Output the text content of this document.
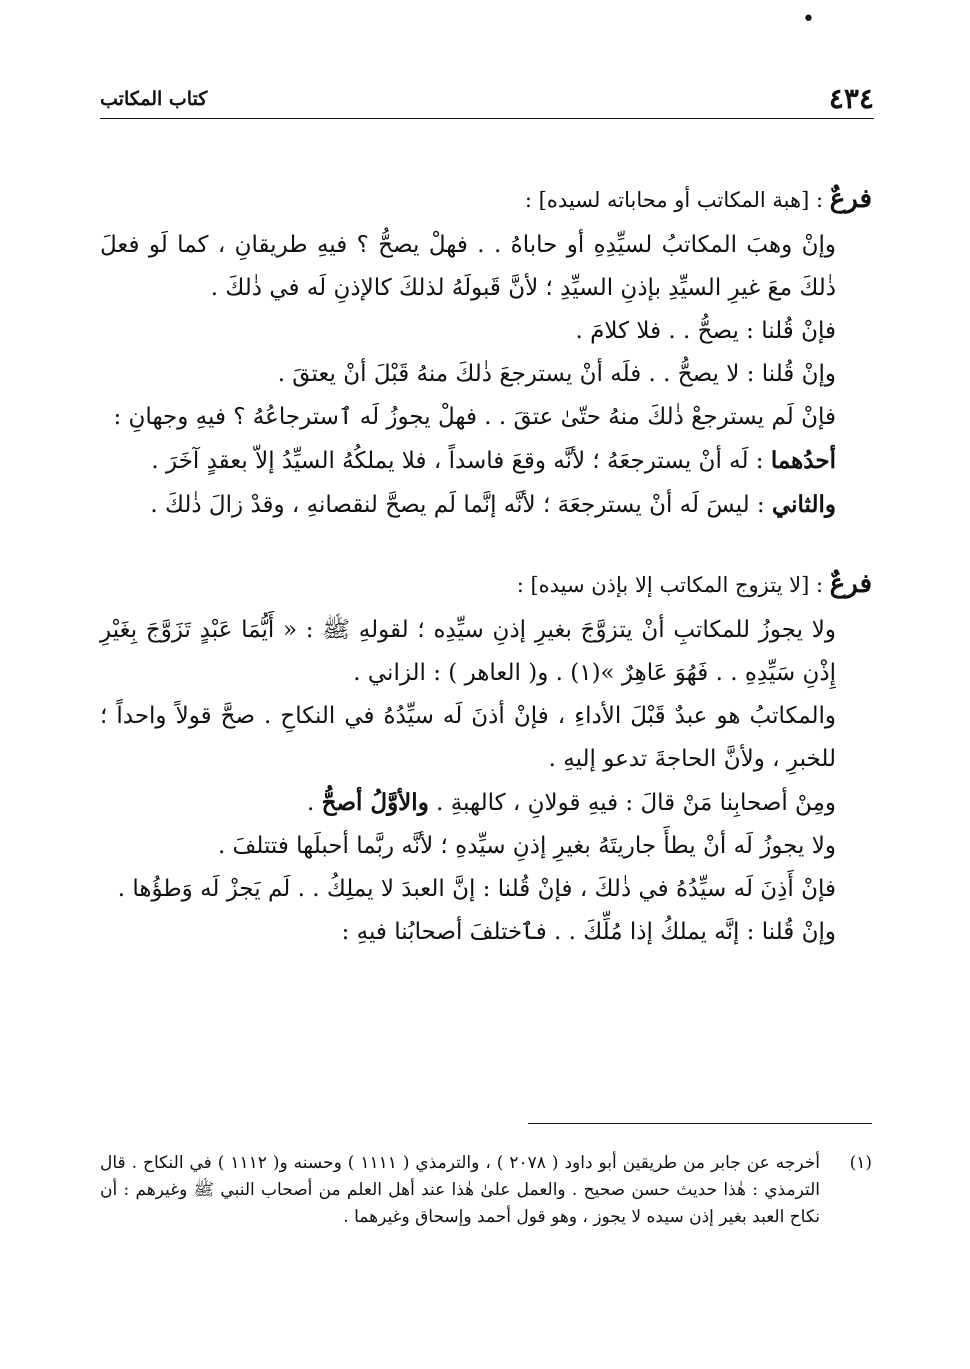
•
٤٣٤
كتاب المكاتب
فرعٌ : [هبة المكاتب أو محاباته لسيده] :

وإنْ وهبَ المكاتبُ لسيِّدِهِ أو حاباهُ . . فهلْ يصحُّ ؟ فيهِ طريقانِ ، كما لَو فعلَ ذٰلكَ معَ غيرِ السيِّدِ بإذنِ السيِّدِ ؛ لأنَّ قَبولَهُ لذلكَ كالإذنِ لَه في ذٰلكَ .

فإنْ قُلنا : يصحُّ . . فلا كلامَ .

وإنْ قُلنا : لا يصحُّ . . فلَه أنْ يسترجعَ ذٰلكَ منهُ قَبْلَ أنْ يعتقَ .

فإنْ لَم يسترجعْ ذٰلكَ منهُ حتّىٰ عتقَ . . فهلْ يجوزُ لَه ٱسترجاعُهُ ؟ فيهِ وجهانِ :

أحدُهما : لَه أنْ يسترجعَهُ ؛ لأنَّه وقعَ فاسداً ، فلا يملكُهُ السيِّدُ إلاّ بعقدٍ آخَرَ .

والثاني : ليسَ لَه أنْ يسترجعَهَ ؛ لأنَّه إنَّما لَم يصحَّ لنقصانهِ ، وقدْ زالَ ذٰلكَ .

فرعٌ : [لا يتزوج المكاتب إلا بإذن سيده] :

ولا يجوزُ للمكاتبِ أنْ يتزوَّجَ بغيرِ إذنِ سيِّدِه ؛ لقولهِ ﷺ : « أَيُّمَا عَبْدٍ تَزَوَّجَ بِغَيْرِ إِذْنِ سَيِّدِهِ . . فَهُوَ عَاهِرٌ »(١) . و( العاهر ) : الزاني .

والمكاتبُ هو عبدٌ قَبْلَ الأداءِ ، فإنْ أذنَ لَه سيِّدُهُ في النكاحِ . صحَّ قولاً واحداً ؛ للخبرِ ، ولأنَّ الحاجةَ تدعو إليهِ .

ومِنْ أصحابِنا مَنْ قالَ : فيهِ قولانِ ، كالهبةِ . والأوَّلُ أصحُّ .

ولا يجوزُ لَه أنْ يطأَ جاريتَهُ بغيرِ إذنِ سيِّدهِ ؛ لأنَّه ربَّما أحبلَها فتتلفَ .

فإنْ أَذِنَ لَه سيِّدُهُ في ذٰلكَ ، فإنْ قُلنا : إنَّ العبدَ لا يملِكُ . . لَم يَجزْ لَه وَطؤُها .

وإنْ قُلنا : إنَّه يملكُ إذا مُلِّكَ . . فٱختلفَ أصحابُنا فيهِ :

(١)
أخرجه عن جابر من طريقين أبو داود ( ٢٠٧٨ ) ، والترمذي ( ١١١١ ) وحسنه و( ١١١٢ ) في النكاح . قال الترمذي : هٰذا حديث حسن صحيح . والعمل علىٰ هٰذا عند أهل العلم من أصحاب النبي ﷺ وغيرهم : أن نكاح العبد بغير إذن سيده لا يجوز ، وهو قول أحمد وإسحاق وغيرهما .
